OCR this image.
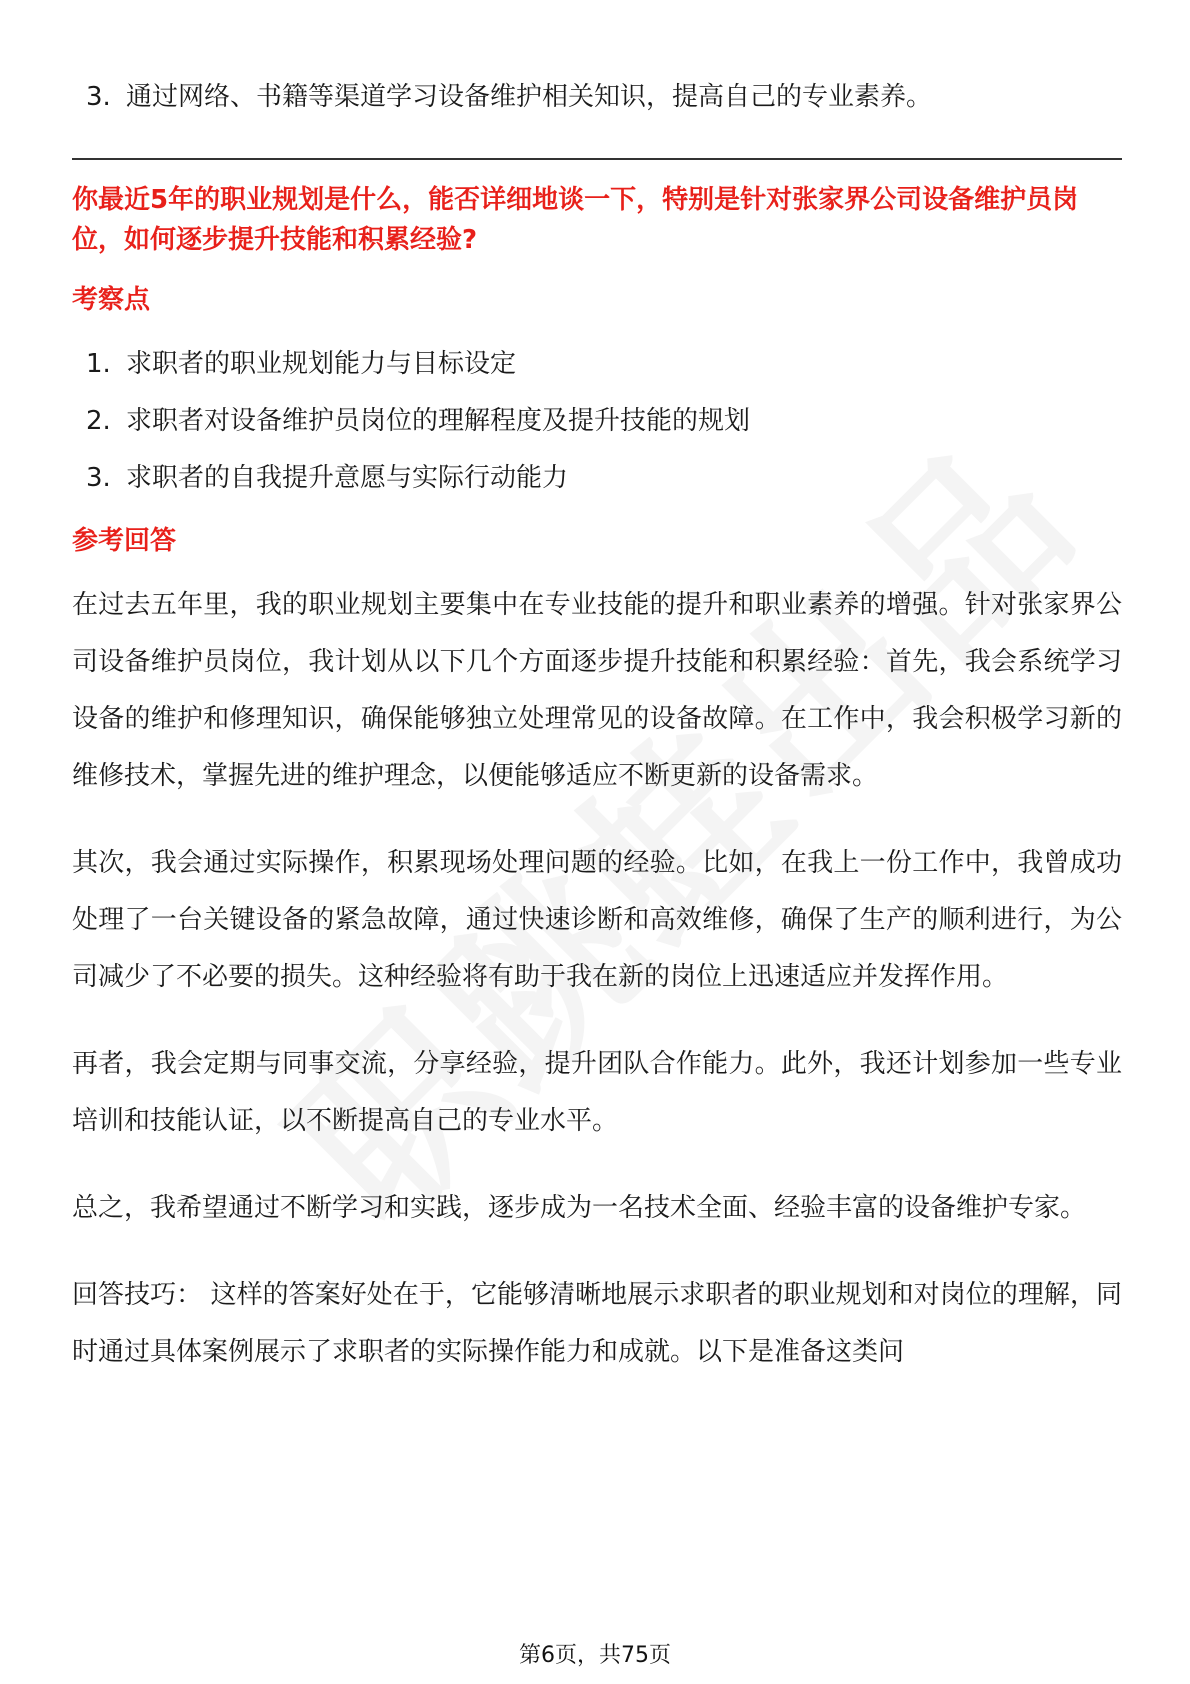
3. 通过网络、书籍等渠道学习设备维护相关知识，提高自己的专业素养。
你最近5年的职业规划是什么，能否详细地谈一下，特别是针对张家界公司设备维护员岗位，如何逐步提升技能和积累经验?
考察点
1. 求职者的职业规划能力与目标设定
2. 求职者对设备维护员岗位的理解程度及提升技能的规划
3. 求职者的自我提升意愿与实际行动能力
参考回答

在过去五年里，我的职业规划主要集中在专业技能的提升和职业素养的增强。针对张家界公司设备维护员岗位，我计划从以下几个方面逐步提升技能和积累经验：首先，我会系统学习设备的维护和修理知识，确保能够独立处理常见的设备故障。在工作中，我会积极学习新的维修技术，掌握先进的维护理念，以便能够适应不断更新的设备需求。

其次，我会通过实际操作，积累现场处理问题的经验。比如，在我上一份工作中，我曾成功处理了一台关键设备的紧急故障，通过快速诊断和高效维修，确保了生产的顺利进行，为公司减少了不必要的损失。这种经验将有助于我在新的岗位上迅速适应并发挥作用。

再者，我会定期与同事交流，分享经验，提升团队合作能力。此外，我还计划参加一些专业培训和技能认证，以不断提高自己的专业水平。

总之，我希望通过不断学习和实践，逐步成为一名技术全面、经验丰富的设备维护专家。

回答技巧： 这样的答案好处在于，它能够清晰地展示求职者的职业规划和对岗位的理解，同时通过具体案例展示了求职者的实际操作能力和成就。以下是准备这类问

第6页，共75页
